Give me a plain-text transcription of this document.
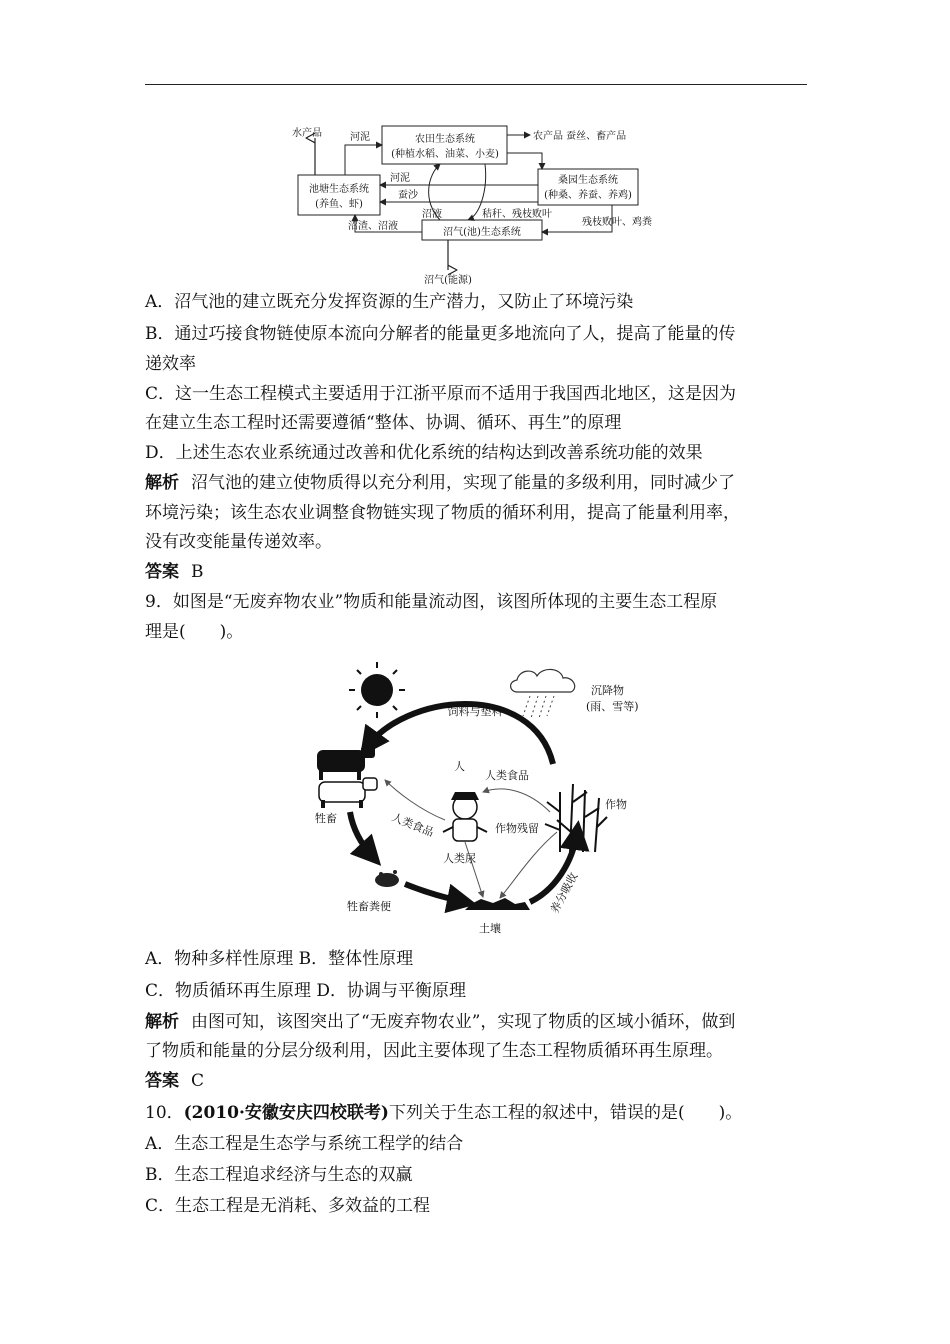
水产品	河泥	农田生态系统
(种植水稻、油菜、小麦)
农产品 蚕丝、畜产品
池塘生态系统
(养鱼、虾)
河泥	桑园生态系统
(种桑、养蚕、养鸡)
蚕沙
沼液	秸秆、残枝败叶
沼渣、沼液
沼气(池)生态系统
残枝败叶、鸡粪
沼气(能源)
A．沼气池的建立既充分发挥资源的生产潜力，又防止了环境污染
B．通过巧接食物链使原本流向分解者的能量更多地流向了人，提高了能量的传
递效率
C．这一生态工程模式主要适用于江浙平原而不适用于我国西北地区，这是因为
在建立生态工程时还需要遵循“整体、协调、循环、再生”的原理
D．上述生态农业系统通过改善和优化系统的结构达到改善系统功能的效果
解析 沼气池的建立使物质得以充分利用，实现了能量的多级利用，同时减少了
环境污染；该生态农业调整食物链实现了物质的循环利用，提高了能量利用率，
没有改变能量传递效率。
答案 B
9．如图是“无废弃物农业”物质和能量流动图，该图所体现的主要生态工程原
理是(　　)。
饲料与垫料
沉降物
(雨、雪等)
人
人类食品
作物
牲畜	人类食品	作物残留
人类尿
牲畜粪便
土壤
养分吸收
A．物种多样性原理 B．整体性原理
C．物质循环再生原理 D．协调与平衡原理
解析 由图可知，该图突出了“无废弃物农业”，实现了物质的区域小循环，做到
了物质和能量的分层分级利用，因此主要体现了生态工程物质循环再生原理。
答案 C
10．(2010·安徽安庆四校联考)下列关于生态工程的叙述中，错误的是(　　)。
A．生态工程是生态学与系统工程学的结合
B．生态工程追求经济与生态的双赢
C．生态工程是无消耗、多效益的工程
